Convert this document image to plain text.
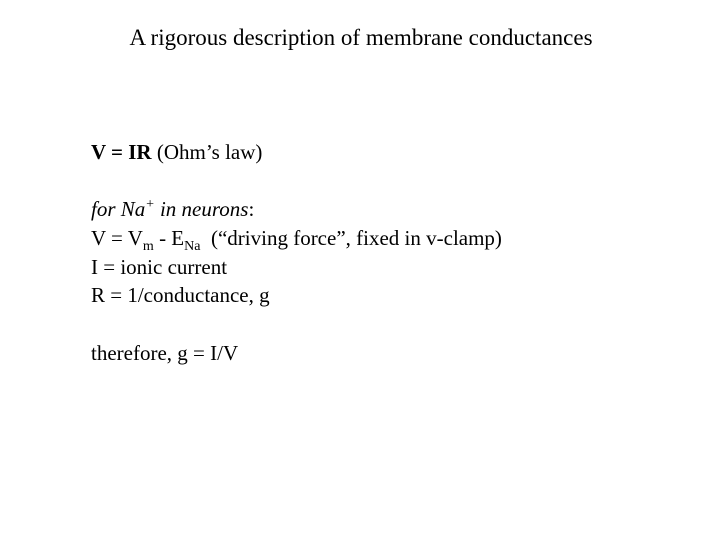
A rigorous description of membrane conductances
V = IR (Ohm’s law)
for Na+ in neurons:
$V = V_m - E_{Na}$  (“driving force”, fixed in v-clamp)
I = ionic current
R = 1/conductance, g
therefore, g = I/V
